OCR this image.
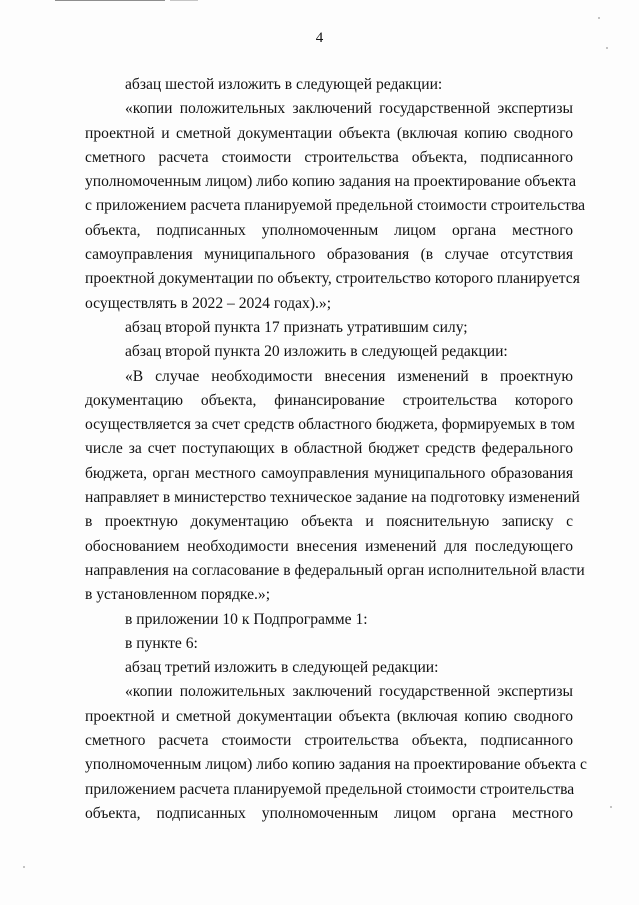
4
абзац шестой изложить в следующей редакции:
«копии положительных заключений государственной экспертизы
проектной и сметной документации объекта (включая копию сводного
сметного расчета стоимости строительства объекта, подписанного
уполномоченным лицом) либо копию задания на проектирование объекта
с приложением расчета планируемой предельной стоимости строительства
объекта, подписанных уполномоченным лицом органа местного
самоуправления муниципального образования (в случае отсутствия
проектной документации по объекту, строительство которого планируется
осуществлять в 2022 – 2024 годах).»;
абзац второй пункта 17 признать утратившим силу;
абзац второй пункта 20 изложить в следующей редакции:
«В случае необходимости внесения изменений в проектную
документацию объекта, финансирование строительства которого
осуществляется за счет средств областного бюджета, формируемых в том
числе за счет поступающих в областной бюджет средств федерального
бюджета, орган местного самоуправления муниципального образования
направляет в министерство техническое задание на подготовку изменений
в проектную документацию объекта и пояснительную записку с
обоснованием необходимости внесения изменений для последующего
направления на согласование в федеральный орган исполнительной власти
в установленном порядке.»;
в приложении 10 к Подпрограмме 1:
в пункте 6:
абзац третий изложить в следующей редакции:
«копии положительных заключений государственной экспертизы
проектной и сметной документации объекта (включая копию сводного
сметного расчета стоимости строительства объекта, подписанного
уполномоченным лицом) либо копию задания на проектирование объекта с
приложением расчета планируемой предельной стоимости строительства
объекта, подписанных уполномоченным лицом органа местного
